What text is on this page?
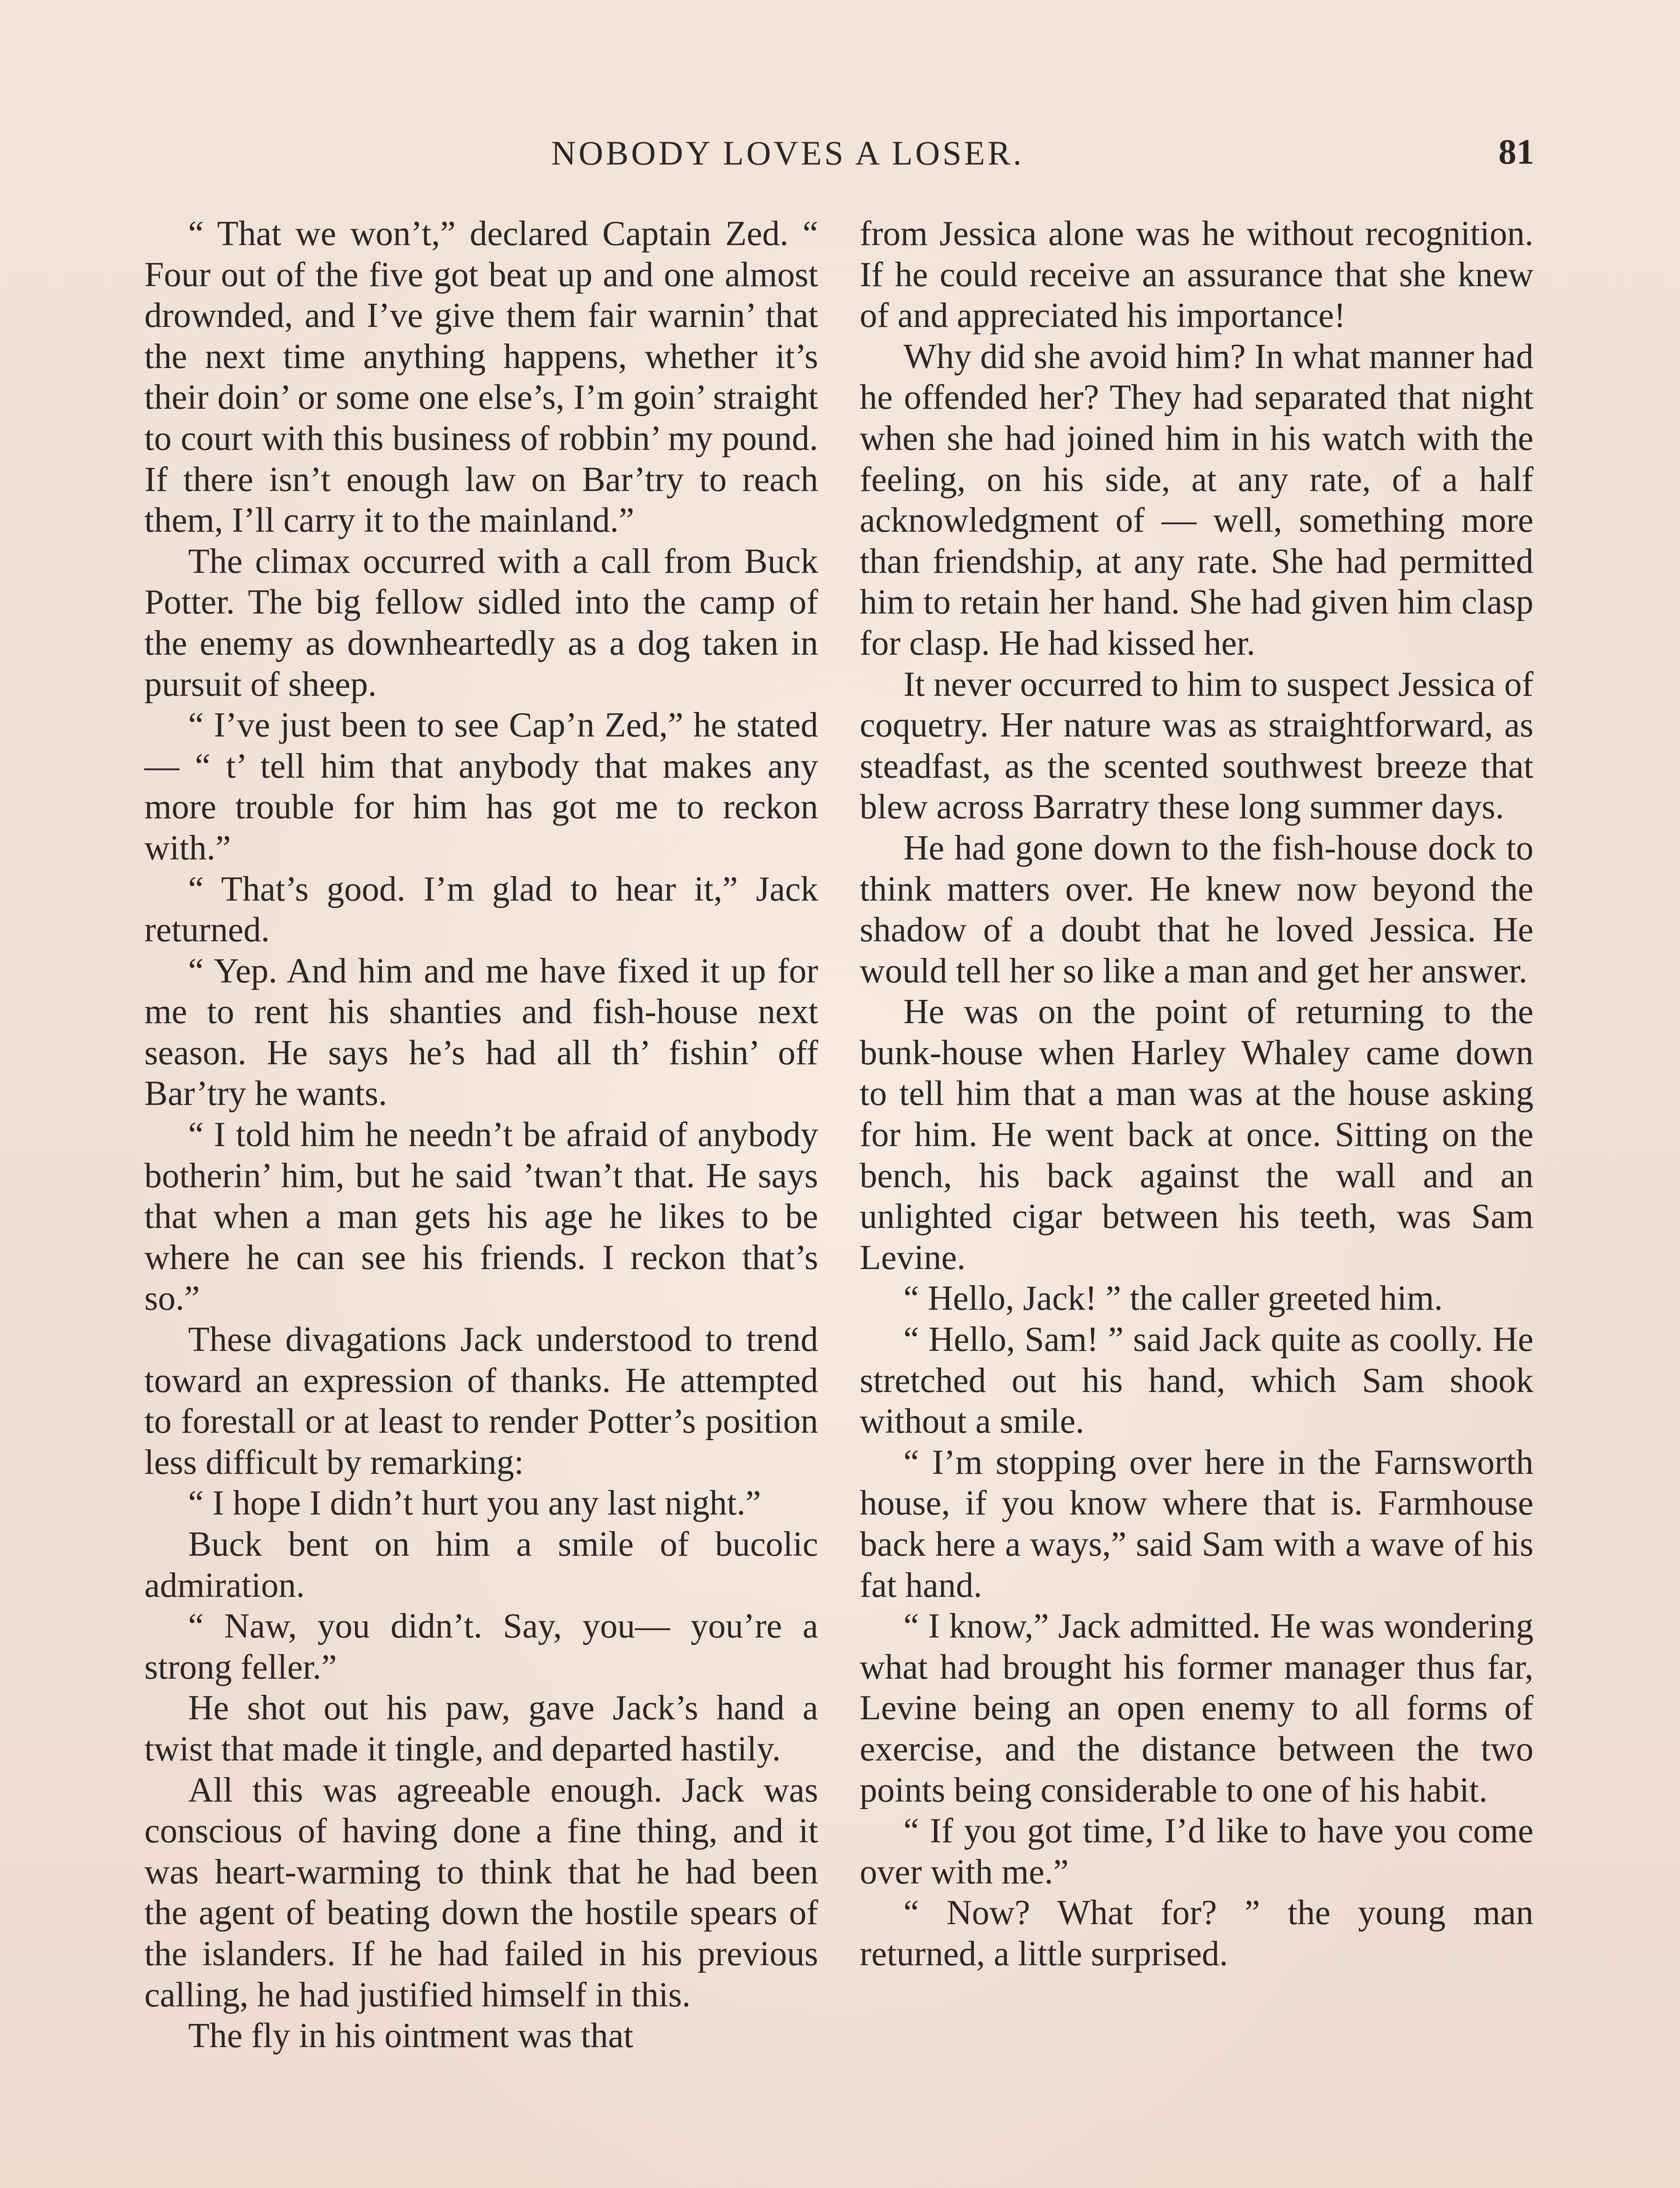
NOBODY LOVES A LOSER.	81

“ That we won’t,” declared Captain Zed. “ Four out of the five got beat up and one almost drownded, and I’ve give them fair warnin’ that the next time anything happens, whether it’s their doin’ or some one else’s, I’m goin’ straight to court with this business of robbin’ my pound. If there isn’t enough law on Bar’try to reach them, I’ll carry it to the mainland.”

The climax occurred with a call from Buck Potter. The big fellow sidled into the camp of the enemy as downheartedly as a dog taken in pursuit of sheep.

“ I’ve just been to see Cap’n Zed,” he stated — “ t’ tell him that anybody that makes any more trouble for him has got me to reckon with.”

“ That’s good. I’m glad to hear it,” Jack returned.

“ Yep. And him and me have fixed it up for me to rent his shanties and fish-house next season. He says he’s had all th’ fishin’ off Bar’try he wants.

“ I told him he needn’t be afraid of anybody botherin’ him, but he said ’twan’t that. He says that when a man gets his age he likes to be where he can see his friends. I reckon that’s so.”

These divagations Jack understood to trend toward an expression of thanks. He attempted to forestall or at least to render Potter’s position less difficult by remarking:

“ I hope I didn’t hurt you any last night.”

Buck bent on him a smile of bucolic admiration.

“ Naw, you didn’t. Say, you— you’re a strong feller.”

He shot out his paw, gave Jack’s hand a twist that made it tingle, and departed hastily.

All this was agreeable enough. Jack was conscious of having done a fine thing, and it was heart-warming to think that he had been the agent of beating down the hostile spears of the islanders. If he had failed in his previous calling, he had justified himself in this.

The fly in his ointment was that

from Jessica alone was he without recognition. If he could receive an assurance that she knew of and appreciated his importance!

Why did she avoid him? In what manner had he offended her? They had separated that night when she had joined him in his watch with the feeling, on his side, at any rate, of a half acknowledgment of — well, something more than friendship, at any rate. She had permitted him to retain her hand. She had given him clasp for clasp. He had kissed her.

It never occurred to him to suspect Jessica of coquetry. Her nature was as straightforward, as steadfast, as the scented southwest breeze that blew across Barratry these long summer days.

He had gone down to the fish-house dock to think matters over. He knew now beyond the shadow of a doubt that he loved Jessica. He would tell her so like a man and get her answer.

He was on the point of returning to the bunk-house when Harley Whaley came down to tell him that a man was at the house asking for him. He went back at once. Sitting on the bench, his back against the wall and an unlighted cigar between his teeth, was Sam Levine.

“ Hello, Jack! ” the caller greeted him.

“ Hello, Sam! ” said Jack quite as coolly. He stretched out his hand, which Sam shook without a smile.

“ I’m stopping over here in the Farnsworth house, if you know where that is. Farmhouse back here a ways,” said Sam with a wave of his fat hand.

“ I know,” Jack admitted. He was wondering what had brought his former manager thus far, Levine being an open enemy to all forms of exercise, and the distance between the two points being considerable to one of his habit.

“ If you got time, I’d like to have you come over with me.”

“ Now? What for? ” the young man returned, a little surprised.
